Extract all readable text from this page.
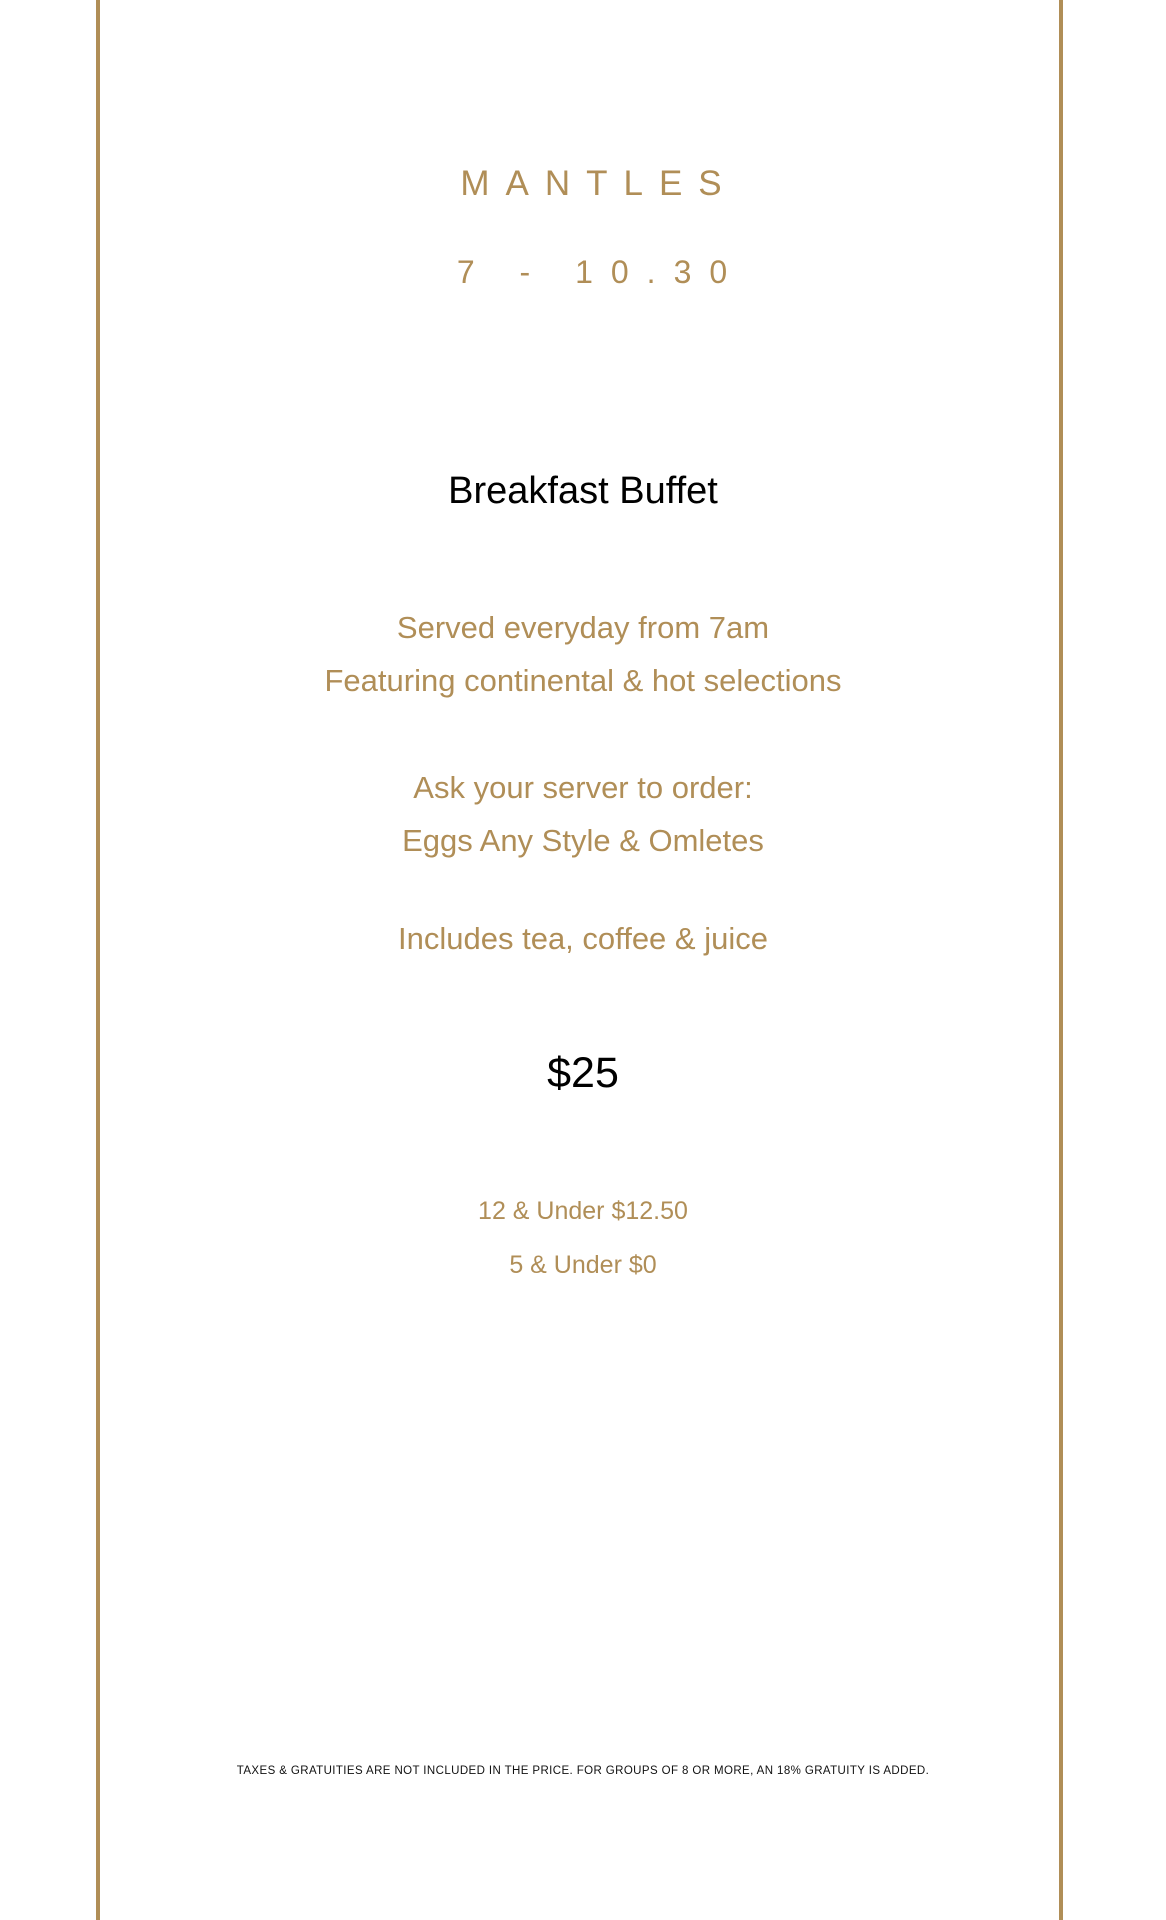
MANTLES
7 - 10.30
Breakfast Buffet
Served everyday from 7am
Featuring continental & hot selections
Ask your server to order:
Eggs Any Style & Omletes
Includes tea, coffee & juice
$25
12 & Under $12.50
5 & Under $0
TAXES & GRATUITIES ARE NOT INCLUDED IN THE PRICE. FOR GROUPS OF 8 OR MORE, AN 18% GRATUITY IS ADDED.
